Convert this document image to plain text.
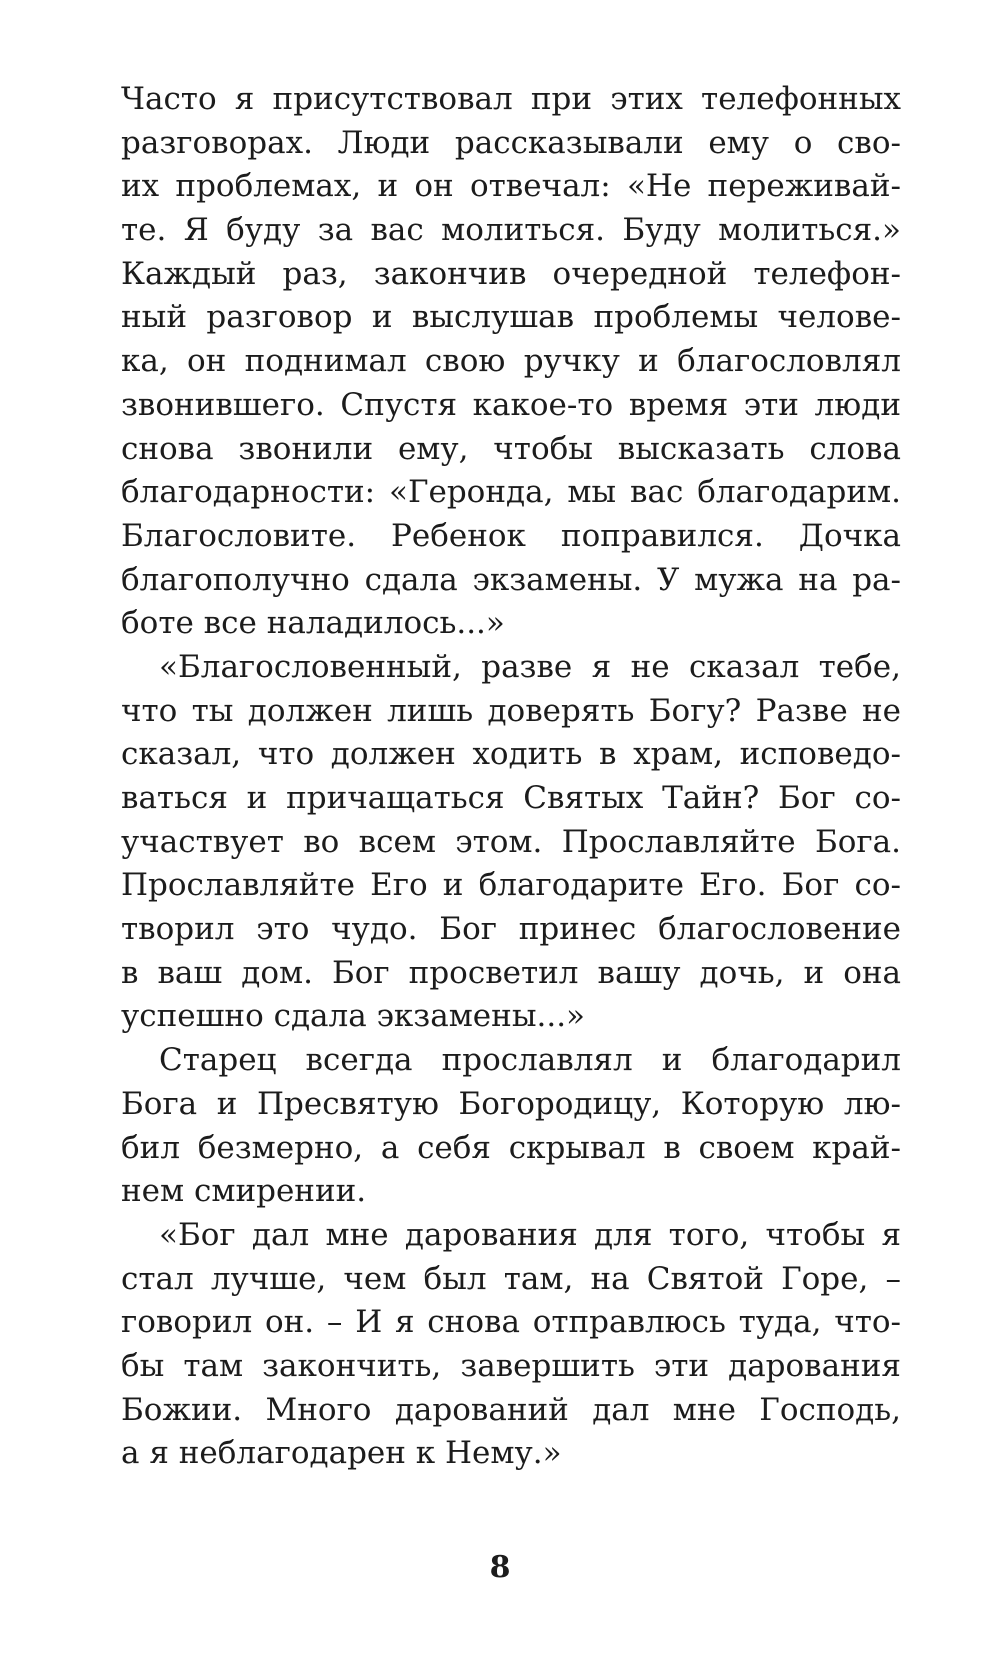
Часто я присутствовал при этих телефонных
разговорах. Люди рассказывали ему о сво-
их проблемах, и он отвечал: «Не переживай-
те. Я буду за вас молиться. Буду молиться.»
Каждый раз, закончив очередной телефон-
ный разговор и выслушав проблемы челове-
ка, он поднимал свою ручку и благословлял
звонившего. Спустя какое-то время эти люди
снова звонили ему, чтобы высказать слова
благодарности: «Геронда, мы вас благодарим.
Благословите. Ребенок поправился. Дочка
благополучно сдала экзамены. У мужа на ра-
боте все наладилось...»
«Благословенный, разве я не сказал тебе,
что ты должен лишь доверять Богу? Разве не
сказал, что должен ходить в храм, исповедо-
ваться и причащаться Святых Тайн? Бог со-
участвует во всем этом. Прославляйте Бога.
Прославляйте Его и благодарите Его. Бог со-
творил это чудо. Бог принес благословение
в ваш дом. Бог просветил вашу дочь, и она
успешно сдала экзамены...»
Старец всегда прославлял и благодарил
Бога и Пресвятую Богородицу, Которую лю-
бил безмерно, а себя скрывал в своем край-
нем смирении.
«Бог дал мне дарования для того, чтобы я
стал лучше, чем был там, на Святой Горе, –
говорил он. – И я снова отправлюсь туда, что-
бы там закончить, завершить эти дарования
Божии. Много дарований дал мне Господь,
а я неблагодарен к Нему.»
8
